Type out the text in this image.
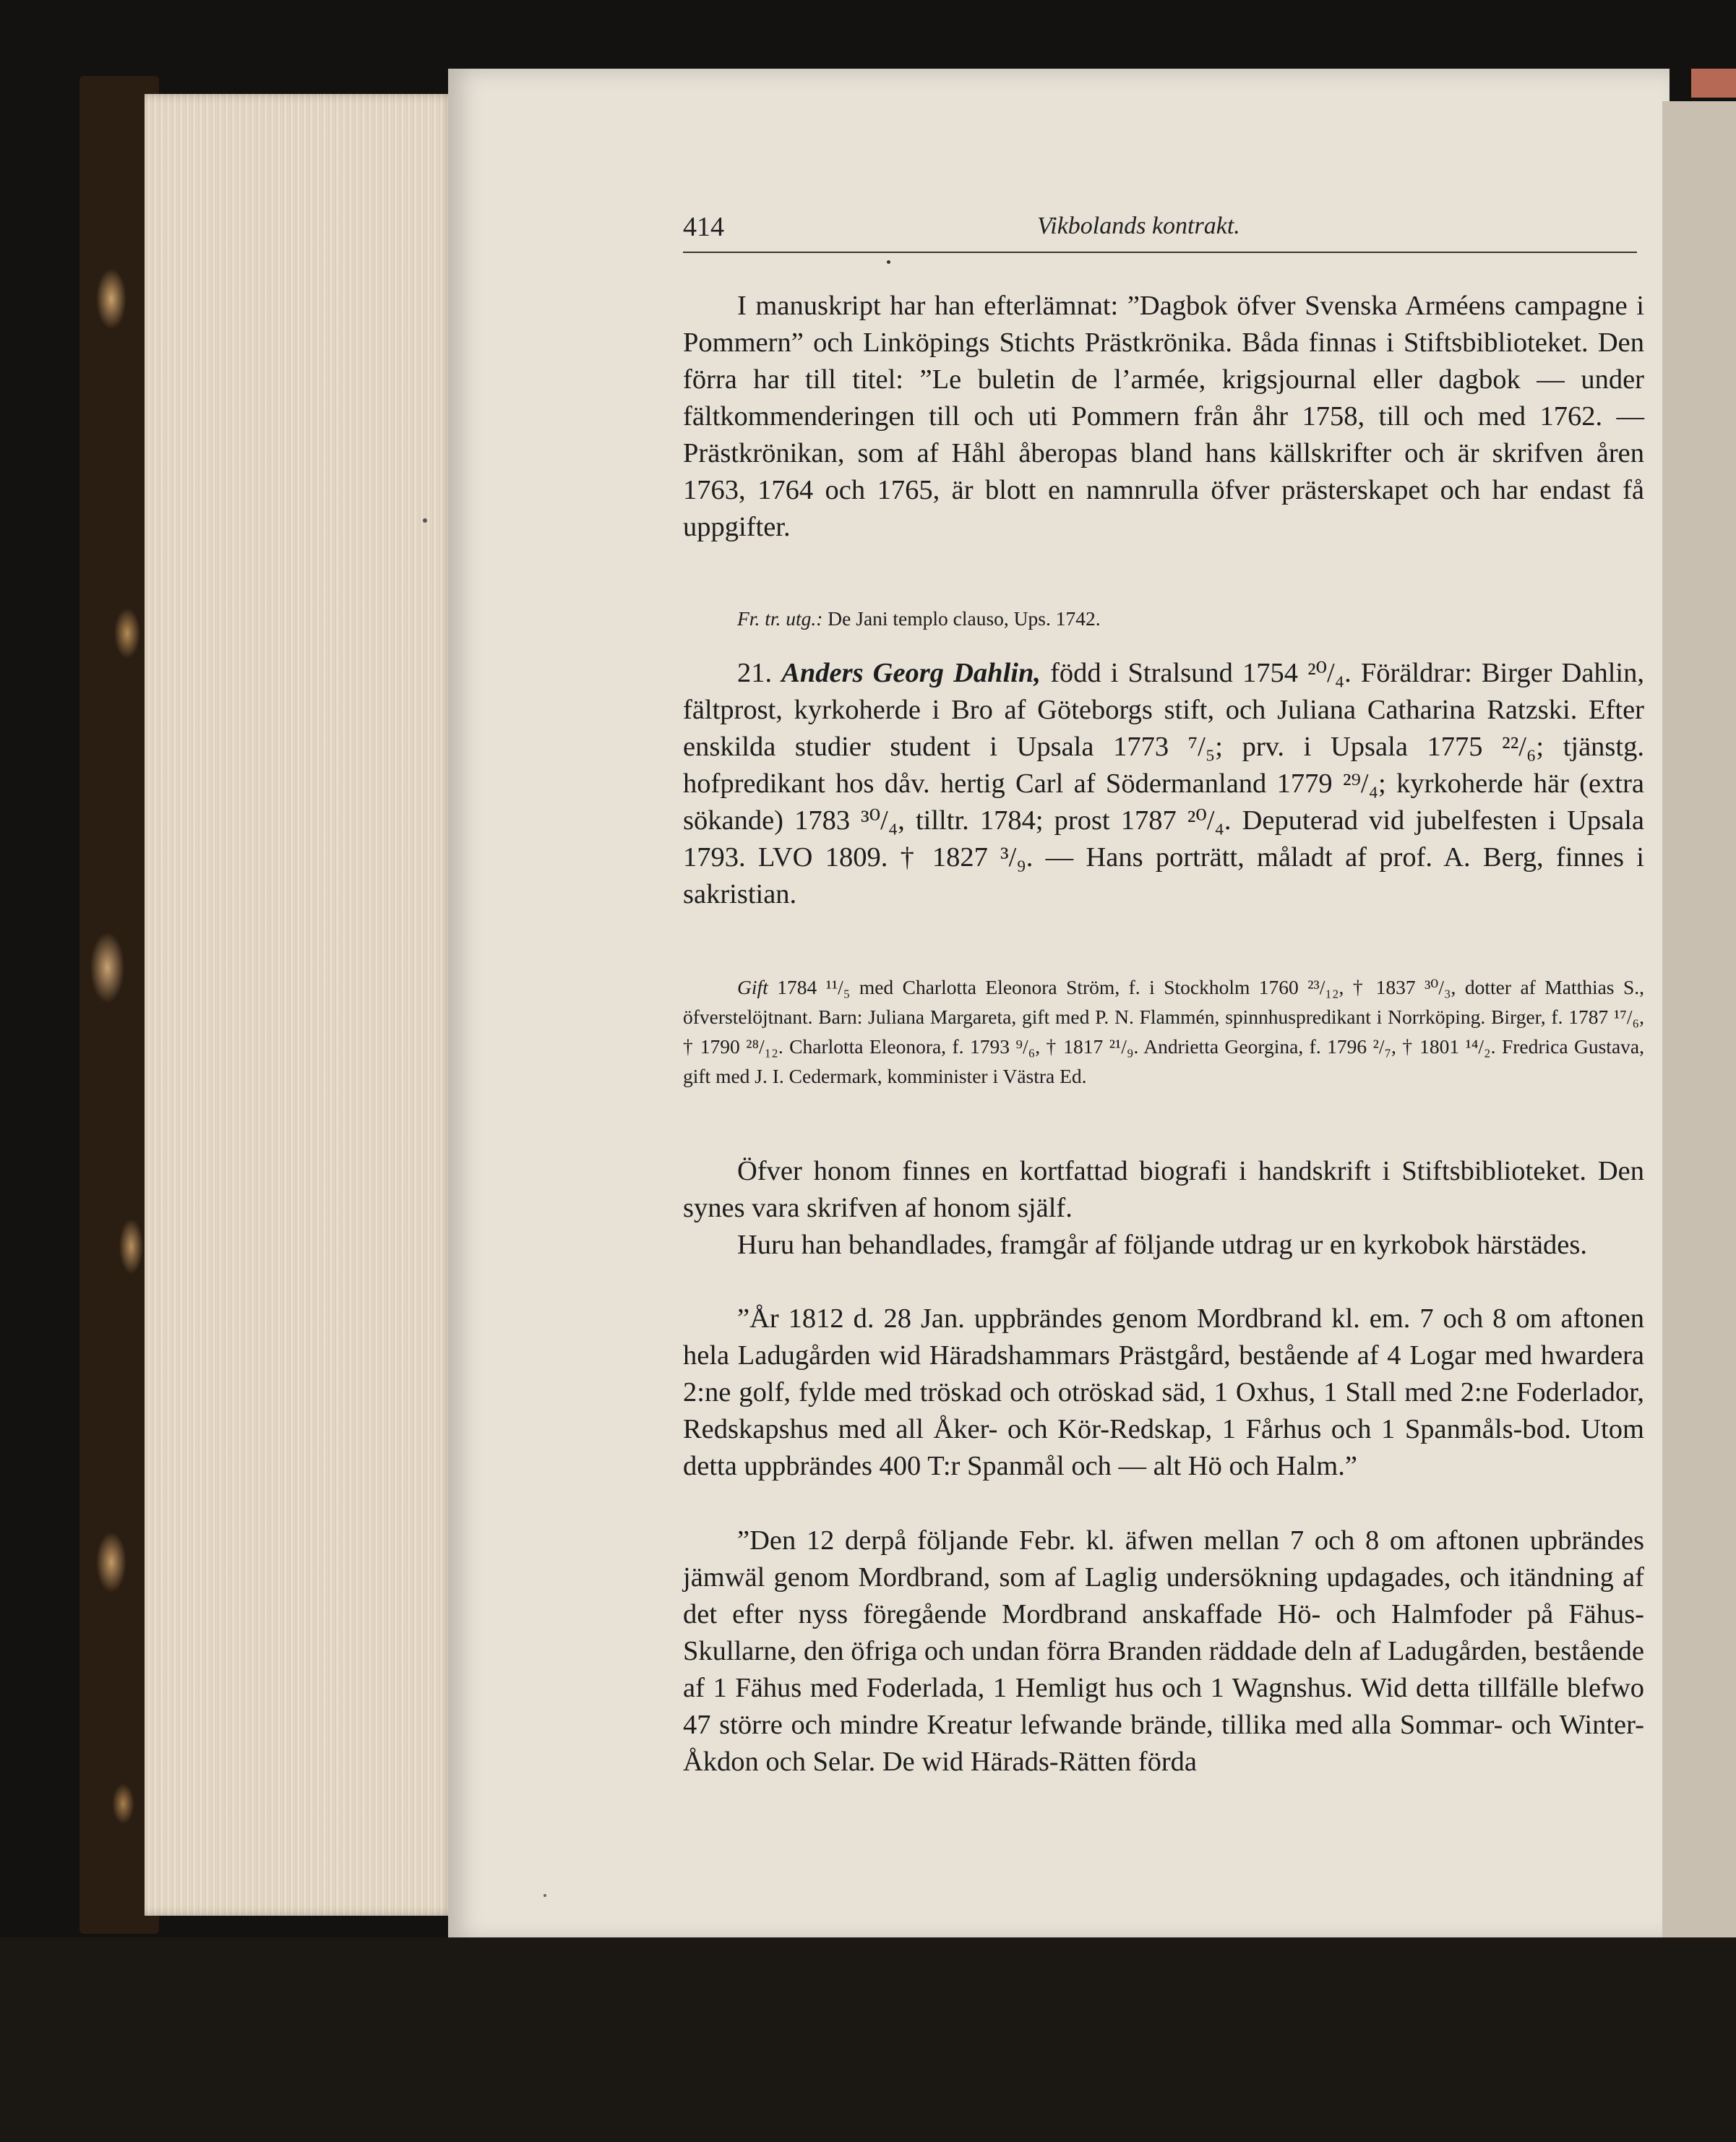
414	Vikbolands kontrakt.
I manuskript har han efterlämnat: ”Dagbok öfver Svenska Arméens campagne i Pommern” och Linköpings Stichts Prästkrönika. Båda finnas i Stiftsbiblioteket. Den förra har till titel: ”Le buletin de l’armée, krigsjournal eller dagbok — under fältkommenderingen till och uti Pommern från åhr 1758, till och med 1762. — Prästkrönikan, som af Håhl åberopas bland hans källskrifter och är skrifven åren 1763, 1764 och 1765, är blott en namnrulla öfver prästerskapet och har endast få uppgifter.
Fr. tr. utg.: De Jani templo clauso, Ups. 1742.
21. Anders Georg Dahlin, född i Stralsund 1754 ²⁰/₄. Föräldrar: Birger Dahlin, fältprost, kyrkoherde i Bro af Göteborgs stift, och Juliana Catharina Ratzski. Efter enskilda studier student i Upsala 1773 ⁷/₅; prv. i Upsala 1775 ²²/₆; tjänstg. hofpredikant hos dåv. hertig Carl af Södermanland 1779 ²⁹/₄; kyrkoherde här (extra sökande) 1783 ³⁰/₄, tilltr. 1784; prost 1787 ²⁰/₄. Deputerad vid jubelfesten i Upsala 1793. LVO 1809. † 1827 ³/₉. — Hans porträtt, måladt af prof. A. Berg, finnes i sakristian.
Gift 1784 ¹¹/₅ med Charlotta Eleonora Ström, f. i Stockholm 1760 ²³/₁₂, † 1837 ³⁰/₃, dotter af Matthias S., öfverstelöjtnant. Barn: Juliana Margareta, gift med P. N. Flammén, spinnhuspredikant i Norrköping. Birger, f. 1787 ¹⁷/₆, † 1790 ²⁸/₁₂. Charlotta Eleonora, f. 1793 ⁹/₆, † 1817 ²¹/₉. Andrietta Georgina, f. 1796 ²/₇, † 1801 ¹⁴/₂. Fredrica Gustava, gift med J. I. Cedermark, komminister i Västra Ed.
Öfver honom finnes en kortfattad biografi i handskrift i Stiftsbiblioteket. Den synes vara skrifven af honom själf.
Huru han behandlades, framgår af följande utdrag ur en kyrkobok härstädes.
”År 1812 d. 28 Jan. uppbrändes genom Mordbrand kl. em. 7 och 8 om aftonen hela Ladugården wid Häradshammars Prästgård, bestående af 4 Logar med hwardera 2:ne golf, fylde med tröskad och otröskad säd, 1 Oxhus, 1 Stall med 2:ne Foderlador, Redskapshus med all Åker- och Kör-Redskap, 1 Fårhus och 1 Spanmåls-bod. Utom detta uppbrändes 400 T:r Spanmål och — alt Hö och Halm.”
”Den 12 derpå följande Febr. kl. äfwen mellan 7 och 8 om aftonen upbrändes jämwäl genom Mordbrand, som af Laglig undersökning updagades, och itändning af det efter nyss föregående Mordbrand anskaffade Hö- och Halmfoder på Fähus-Skullarne, den öfriga och undan förra Branden räddade deln af Ladugården, bestående af 1 Fähus med Foderlada, 1 Hemligt hus och 1 Wagnshus. Wid detta tillfälle blefwo 47 större och mindre Kreatur lefwande brände, tillika med alla Sommar- och Winter-Åkdon och Selar. De wid Härads-Rätten förda
